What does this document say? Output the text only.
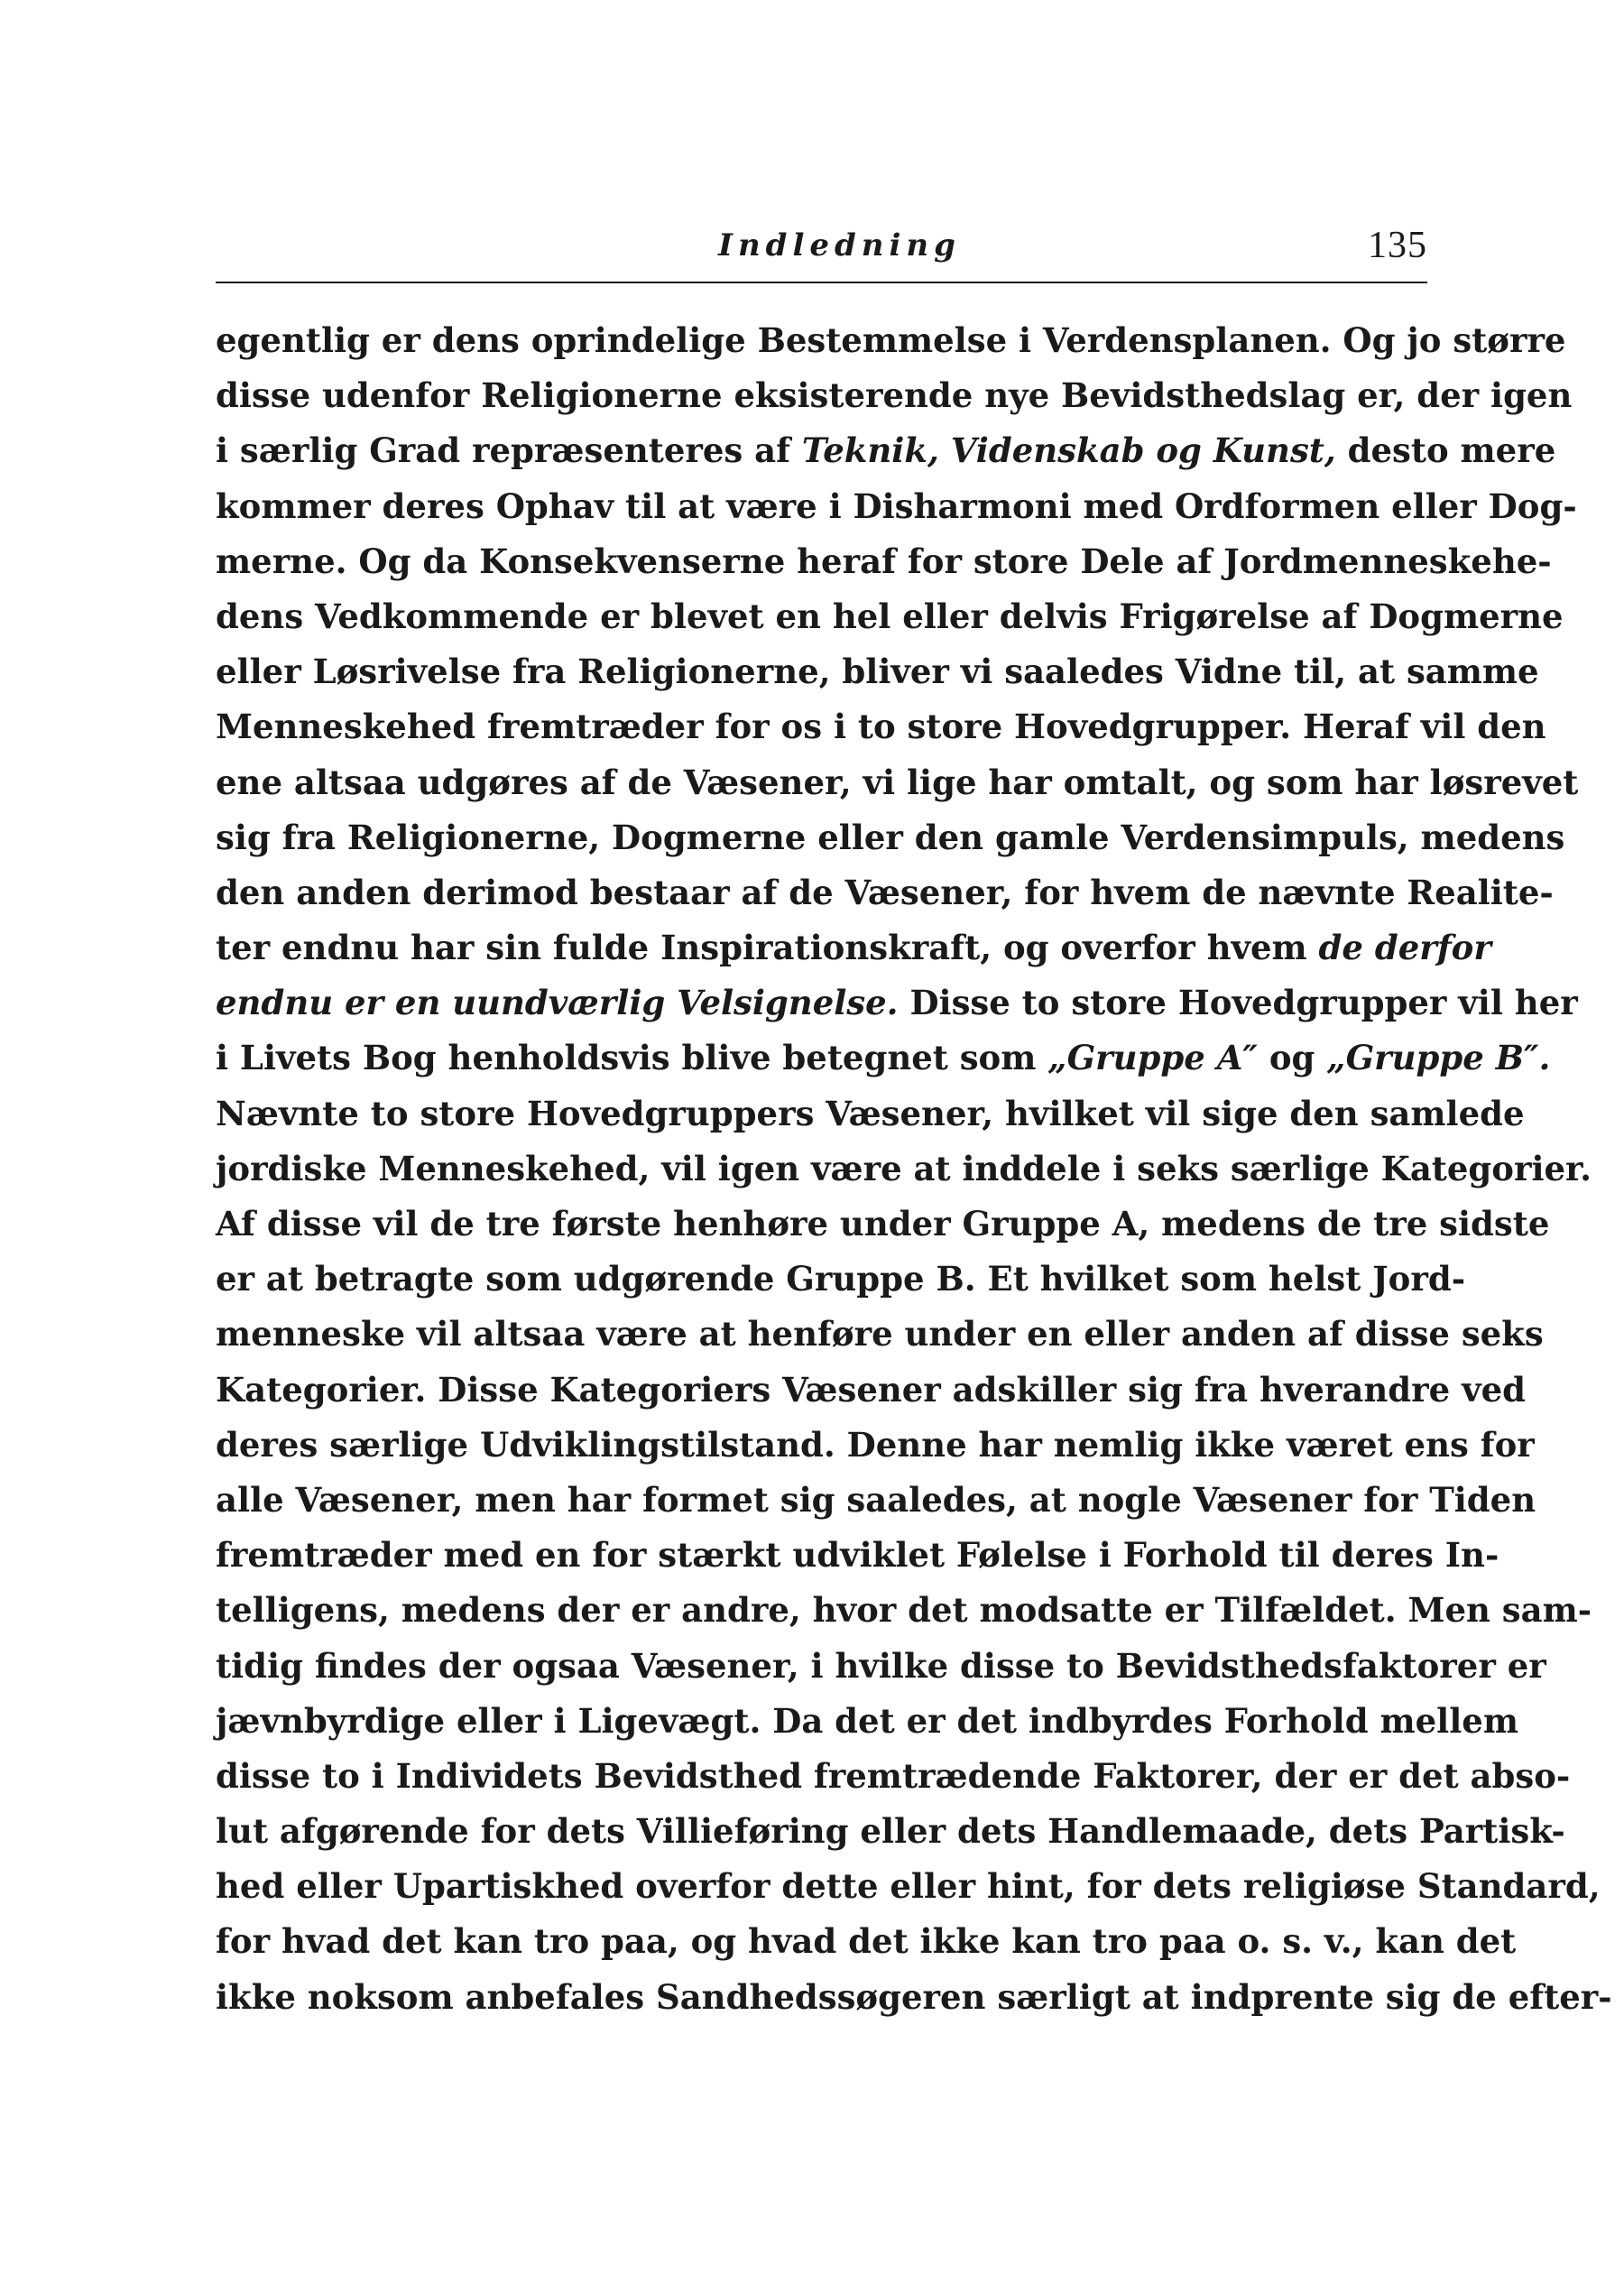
Indledning	135
egentlig er dens oprindelige Bestemmelse i Verdensplanen. Og jo større
disse udenfor Religionerne eksisterende nye Bevidsthedslag er, der igen
i særlig Grad repræsenteres af Teknik, Videnskab og Kunst, desto mere
kommer deres Ophav til at være i Disharmoni med Ordformen eller Dog-
merne. Og da Konsekvenserne heraf for store Dele af Jordmenneskehe-
dens Vedkommende er blevet en hel eller delvis Frigørelse af Dogmerne
eller Løsrivelse fra Religionerne, bliver vi saaledes Vidne til, at samme
Menneskehed fremtræder for os i to store Hovedgrupper. Heraf vil den
ene altsaa udgøres af de Væsener, vi lige har omtalt, og som har løsrevet
sig fra Religionerne, Dogmerne eller den gamle Verdensimpuls, medens
den anden derimod bestaar af de Væsener, for hvem de nævnte Realite-
ter endnu har sin fulde Inspirationskraft, og overfor hvem de derfor
endnu er en uundværlig Velsignelse. Disse to store Hovedgrupper vil her
i Livets Bog henholdsvis blive betegnet som „Gruppe A″ og „Gruppe B″.
Nævnte to store Hovedgruppers Væsener, hvilket vil sige den samlede
jordiske Menneskehed, vil igen være at inddele i seks særlige Kategorier.
Af disse vil de tre første henhøre under Gruppe A, medens de tre sidste
er at betragte som udgørende Gruppe B. Et hvilket som helst Jord-
menneske vil altsaa være at henføre under en eller anden af disse seks
Kategorier. Disse Kategoriers Væsener adskiller sig fra hverandre ved
deres særlige Udviklingstilstand. Denne har nemlig ikke været ens for
alle Væsener, men har formet sig saaledes, at nogle Væsener for Tiden
fremtræder med en for stærkt udviklet Følelse i Forhold til deres In-
telligens, medens der er andre, hvor det modsatte er Tilfældet. Men sam-
tidig findes der ogsaa Væsener, i hvilke disse to Bevidsthedsfaktorer er
jævnbyrdige eller i Ligevægt. Da det er det indbyrdes Forhold mellem
disse to i Individets Bevidsthed fremtrædende Faktorer, der er det abso-
lut afgørende for dets Villieføring eller dets Handlemaade, dets Partisk-
hed eller Upartiskhed overfor dette eller hint, for dets religiøse Standard,
for hvad det kan tro paa, og hvad det ikke kan tro paa o. s. v., kan det
ikke noksom anbefales Sandhedssøgeren særligt at indprente sig de efter-
